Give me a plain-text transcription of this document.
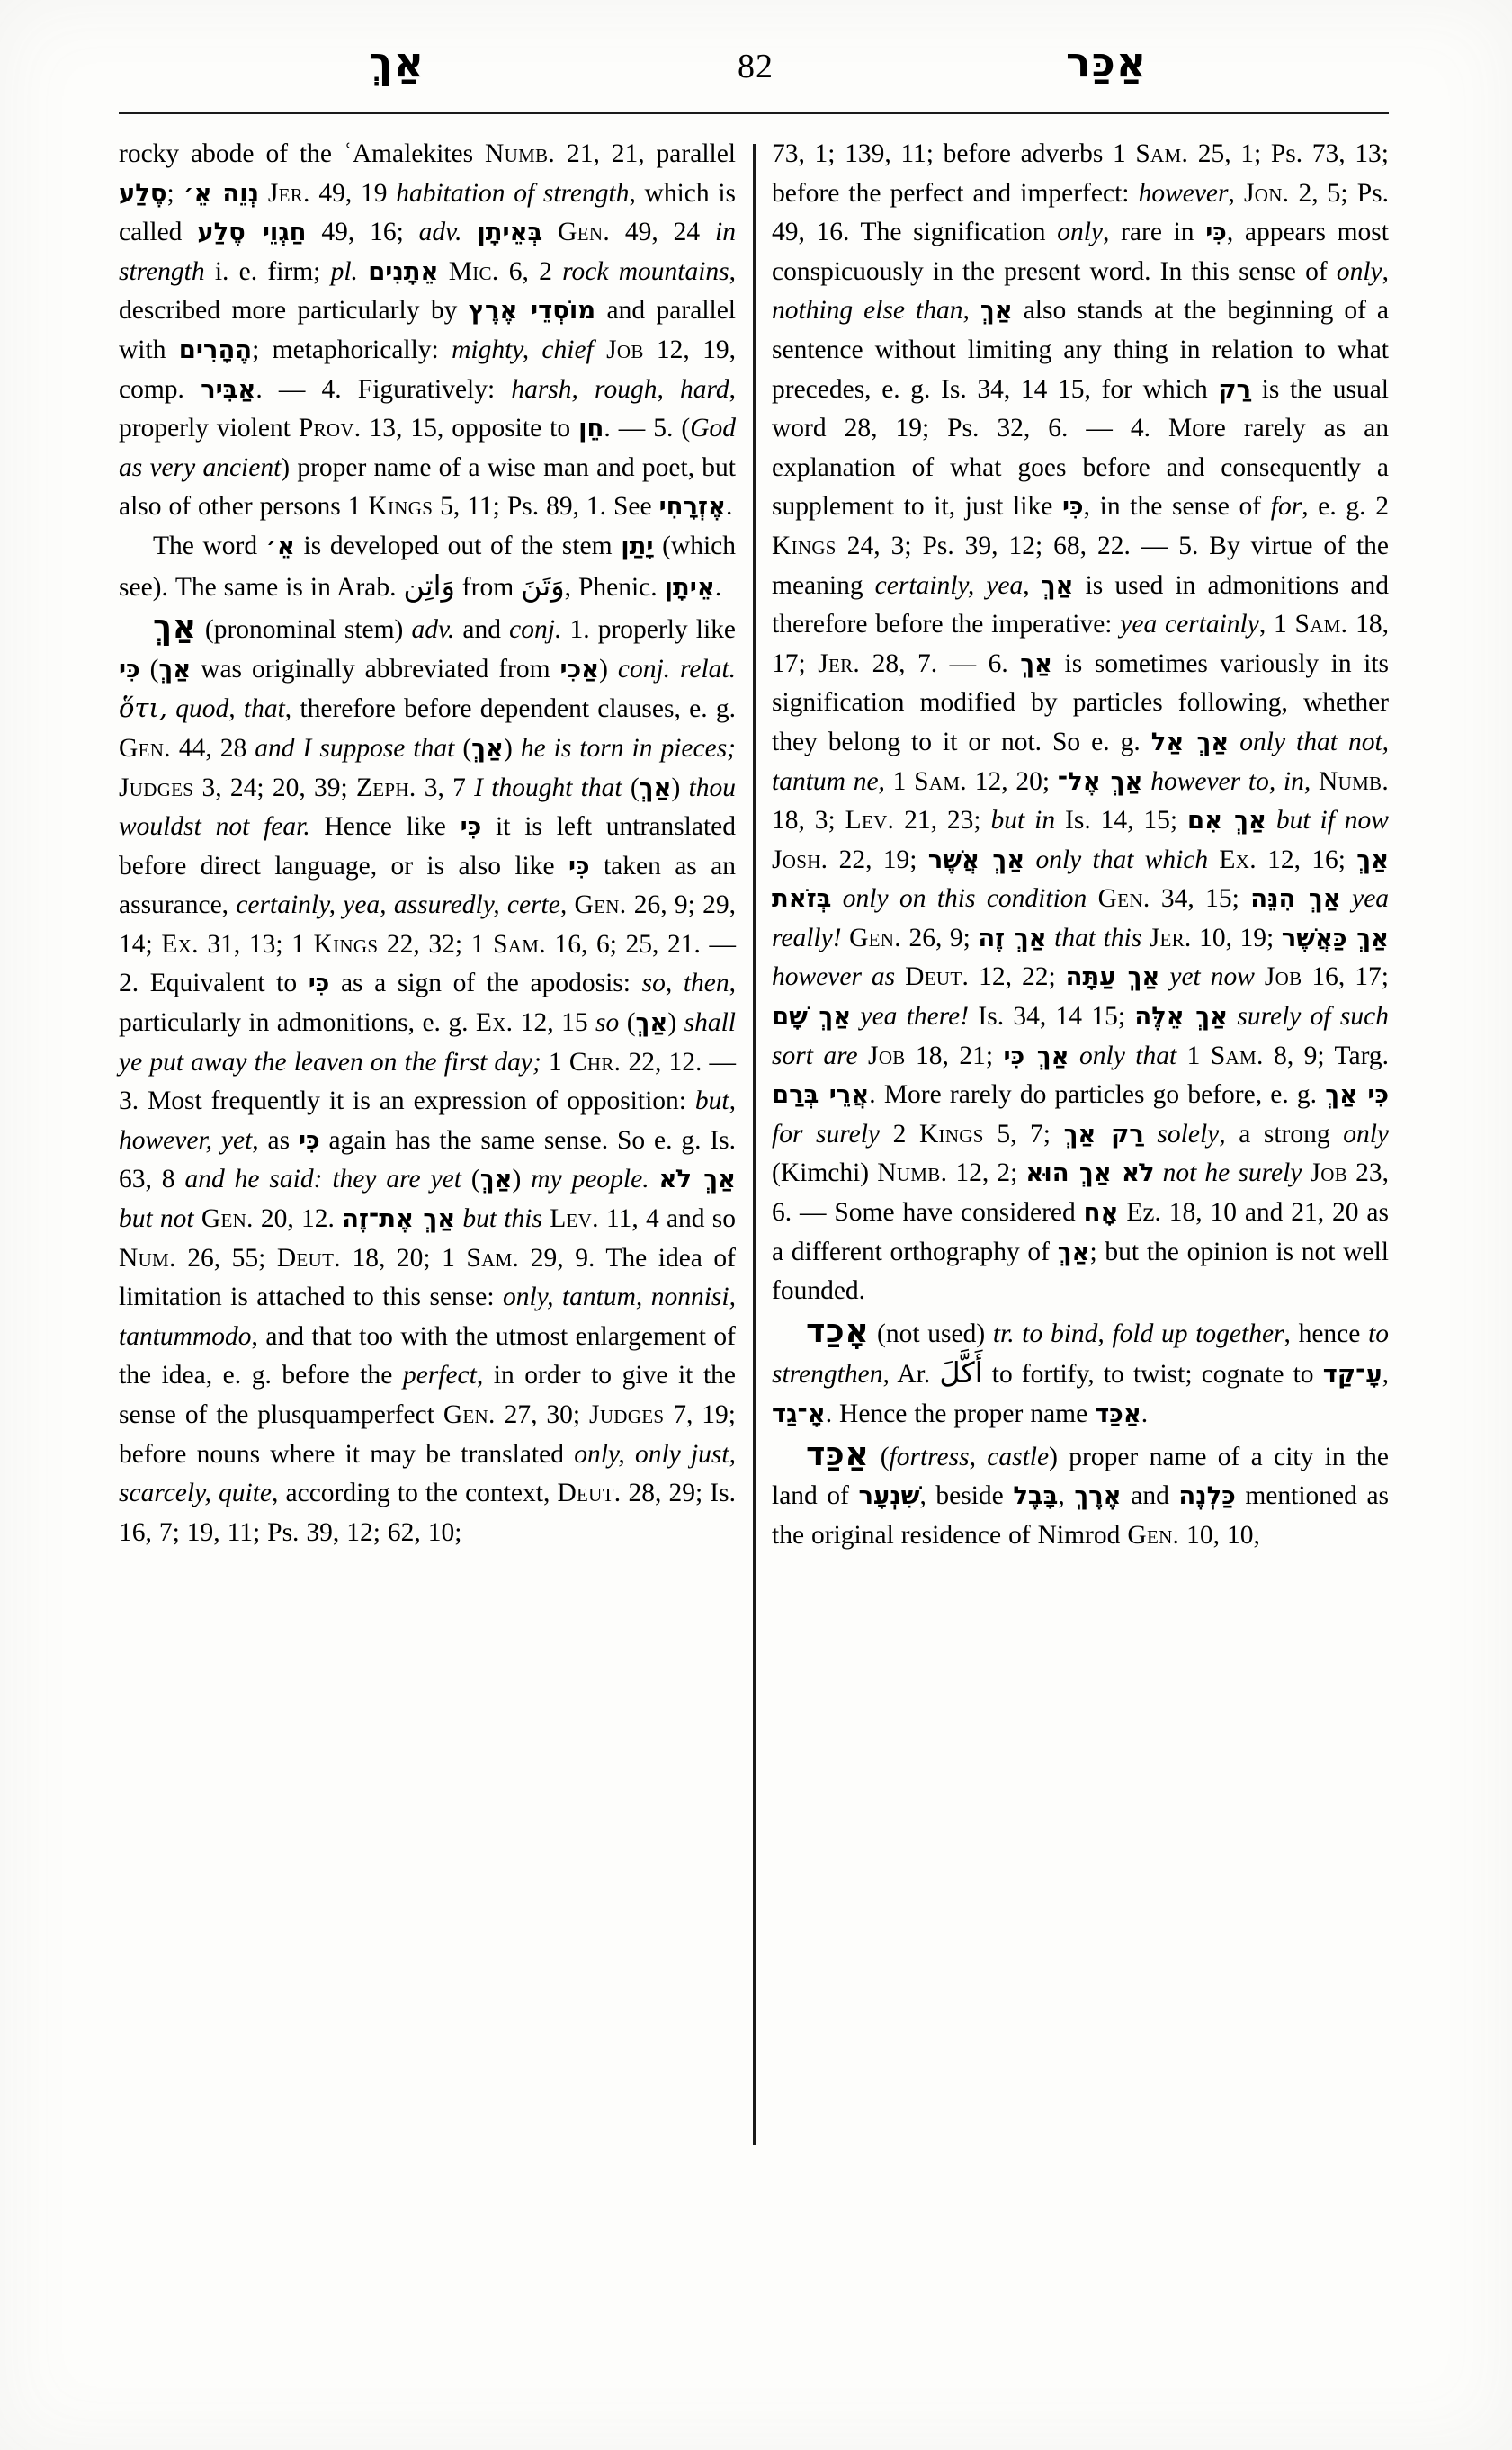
אַךְ	82	אַכַּר
rocky abode of the ʿAmalekites Numb. 21, 21, parallel סֶלַע; נְוֵה אֵ׳ Jer. 49, 19 habitation of strength, which is called חַגְוֵי סֶלַע 49, 16; adv. בְּאֵיתָן Gen. 49, 24 in strength i. e. firm; pl. אֵתָנִים Mic. 6, 2 rock mountains, described more particularly by מוֹסְדֵי אֶרֶץ and parallel with הֶהָרִים; metaphorically: mighty, chief Job 12, 19, comp. אַבִּיר. — 4. Figuratively: harsh, rough, hard, properly violent Prov. 13, 15, opposite to חֵן. — 5. (God as very ancient) proper name of a wise man and poet, but also of other persons 1 Kings 5, 11; Ps. 89, 1. See אֶזְרָחִי.
The word אֵ׳ is developed out of the stem יָתַן (which see). The same is in Arab. وَاتِن from وَتَنَ, Phenic. אֵיתָן.
אַךְ (pronominal stem) adv. and conj. 1. properly like כִּי (אַךְ was originally abbreviated from אַכִי) conj. relat. ὅτι, quod, that, therefore before dependent clauses, e. g. Gen. 44, 28 and I suppose that (אַךְ) he is torn in pieces; Judges 3, 24; 20, 39; Zeph. 3, 7 I thought that (אַךְ) thou wouldst not fear. Hence like כִּי it is left untranslated before direct language, or is also like כִּי taken as an assurance, certainly, yea, assuredly, certe, Gen. 26, 9; 29, 14; Ex. 31, 13; 1 Kings 22, 32; 1 Sam. 16, 6; 25, 21. — 2. Equivalent to כִּי as a sign of the apodosis: so, then, particularly in admonitions, e. g. Ex. 12, 15 so (אַךְ) shall ye put away the leaven on the first day; 1 Chr. 22, 12. — 3. Most frequently it is an expression of opposition: but, however, yet, as כִּי again has the same sense. So e. g. Is. 63, 8 and he said: they are yet (אַךְ) my people. אַךְ לֹא but not Gen. 20, 12. אַךְ אֶת־זֶה but this Lev. 11, 4 and so Num. 26, 55; Deut. 18, 20; 1 Sam. 29, 9. The idea of limitation is attached to this sense: only, tantum, nonnisi, tantummodo, and that too with the utmost enlargement of the idea, e. g. before the perfect, in order to give it the sense of the plusquamperfect Gen. 27, 30; Judges 7, 19; before nouns where it may be translated only, only just, scarcely, quite, according to the context, Deut. 28, 29; Is. 16, 7; 19, 11; Ps. 39, 12; 62, 10;
73, 1; 139, 11; before adverbs 1 Sam. 25, 1; Ps. 73, 13; before the perfect and imperfect: however, Jon. 2, 5; Ps. 49, 16. The signification only, rare in כִּי, appears most conspicuously in the present word. In this sense of only, nothing else than, אַךְ also stands at the beginning of a sentence without limiting any thing in relation to what precedes, e. g. Is. 34, 14 15, for which רַק is the usual word 28, 19; Ps. 32, 6. — 4. More rarely as an explanation of what goes before and consequently a supplement to it, just like כִּי, in the sense of for, e. g. 2 Kings 24, 3; Ps. 39, 12; 68, 22. — 5. By virtue of the meaning certainly, yea, אַךְ is used in admonitions and therefore before the imperative: yea certainly, 1 Sam. 18, 17; Jer. 28, 7. — 6. אַךְ is sometimes variously in its signification modified by particles following, whether they belong to it or not. So e. g. אַךְ אַל only that not, tantum ne, 1 Sam. 12, 20; אַךְ אֶל־ however to, in, Numb. 18, 3; Lev. 21, 23; but in Is. 14, 15; אַךְ אִם but if now Josh. 22, 19; אַךְ אֲשֶׁר only that which Ex. 12, 16; אַךְ בְּזֹאת only on this condition Gen. 34, 15; אַךְ הִנֵּה yea really! Gen. 26, 9; אַךְ זֶה that this Jer. 10, 19; אַךְ כַּאֲשֶׁר however as Deut. 12, 22; אַךְ עַתָּה yet now Job 16, 17; אַךְ שָׁם yea there! Is. 34, 14 15; אַךְ אֵלֶּה surely of such sort are Job 18, 21; אַךְ כִּי only that 1 Sam. 8, 9; Targ. אֲרֵי בְּרַם. More rarely do particles go before, e. g. כִּי אַךְ for surely 2 Kings 5, 7; רַק אַךְ solely, a strong only (Kimchi) Numb. 12, 2; לֹא אַךְ הוּא not he surely Job 23, 6. — Some have considered אָח Ez. 18, 10 and 21, 20 as a different orthography of אַךְ; but the opinion is not well founded.
אָכַד (not used) tr. to bind, fold up together, hence to strengthen, Ar. أَكَّلَ to fortify, to twist; cognate to עָ־קַד, אָ־גַד. Hence the proper name אַכַּד.
אַכַּד (fortress, castle) proper name of a city in the land of שִׁנְעָר, beside בָּבֶל, אֶרֶךְ and כַּלְנֶה mentioned as the original residence of Nimrod Gen. 10, 10,
